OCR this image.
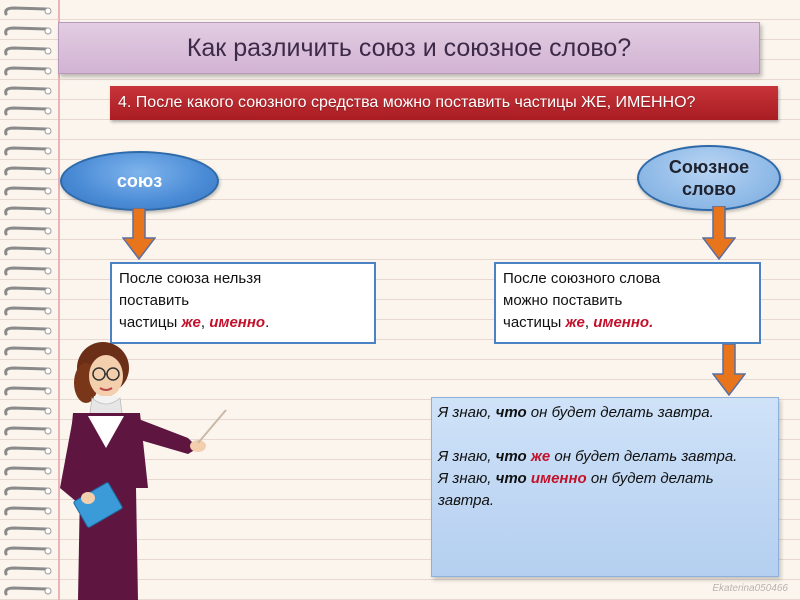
Как различить союз и союзное слово?
4. После какого союзного средства можно поставить частицы ЖЕ, ИМЕННО?
союз
Союзное
слово
После союза нельзя
поставить
частицы же, именно.
После союзного слова
можно поставить
частицы же, именно.

Я знаю, что он будет делать завтра.

Я знаю, что же он будет делать завтра.

Я знаю, что именно он будет делать завтра.

Ekaterina050466
